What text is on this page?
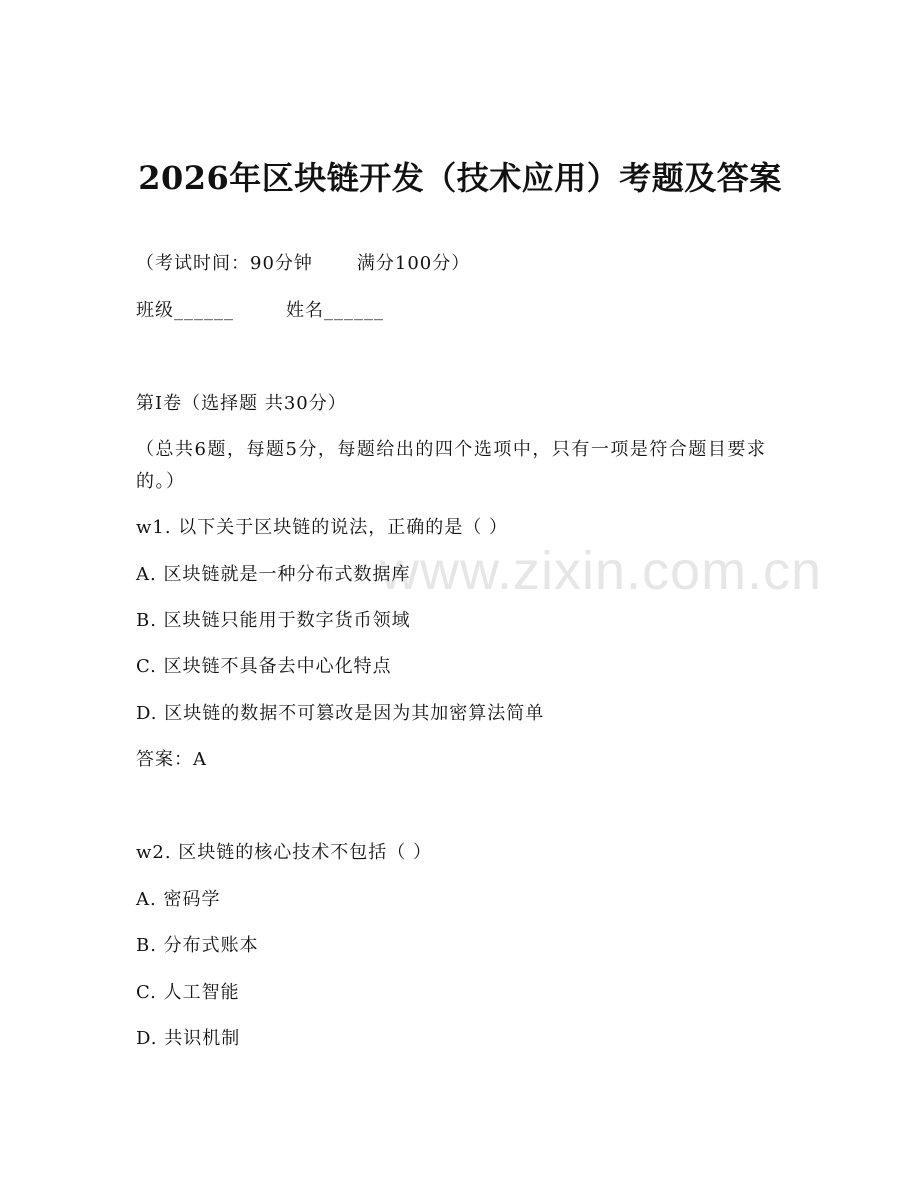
www.zixin.com.cn
2026年区块链开发（技术应用）考题及答案
（考试时间：90分钟 满分100分）
班级______	姓名______
第I卷（选择题 共30分）
（总共6题，每题5分，每题给出的四个选项中，只有一项是符合题目要求的。）
w1. 以下关于区块链的说法，正确的是（ ）
A. 区块链就是一种分布式数据库
B. 区块链只能用于数字货币领域
C. 区块链不具备去中心化特点
D. 区块链的数据不可篡改是因为其加密算法简单
答案：A
w2. 区块链的核心技术不包括（ ）
A. 密码学
B. 分布式账本
C. 人工智能
D. 共识机制
